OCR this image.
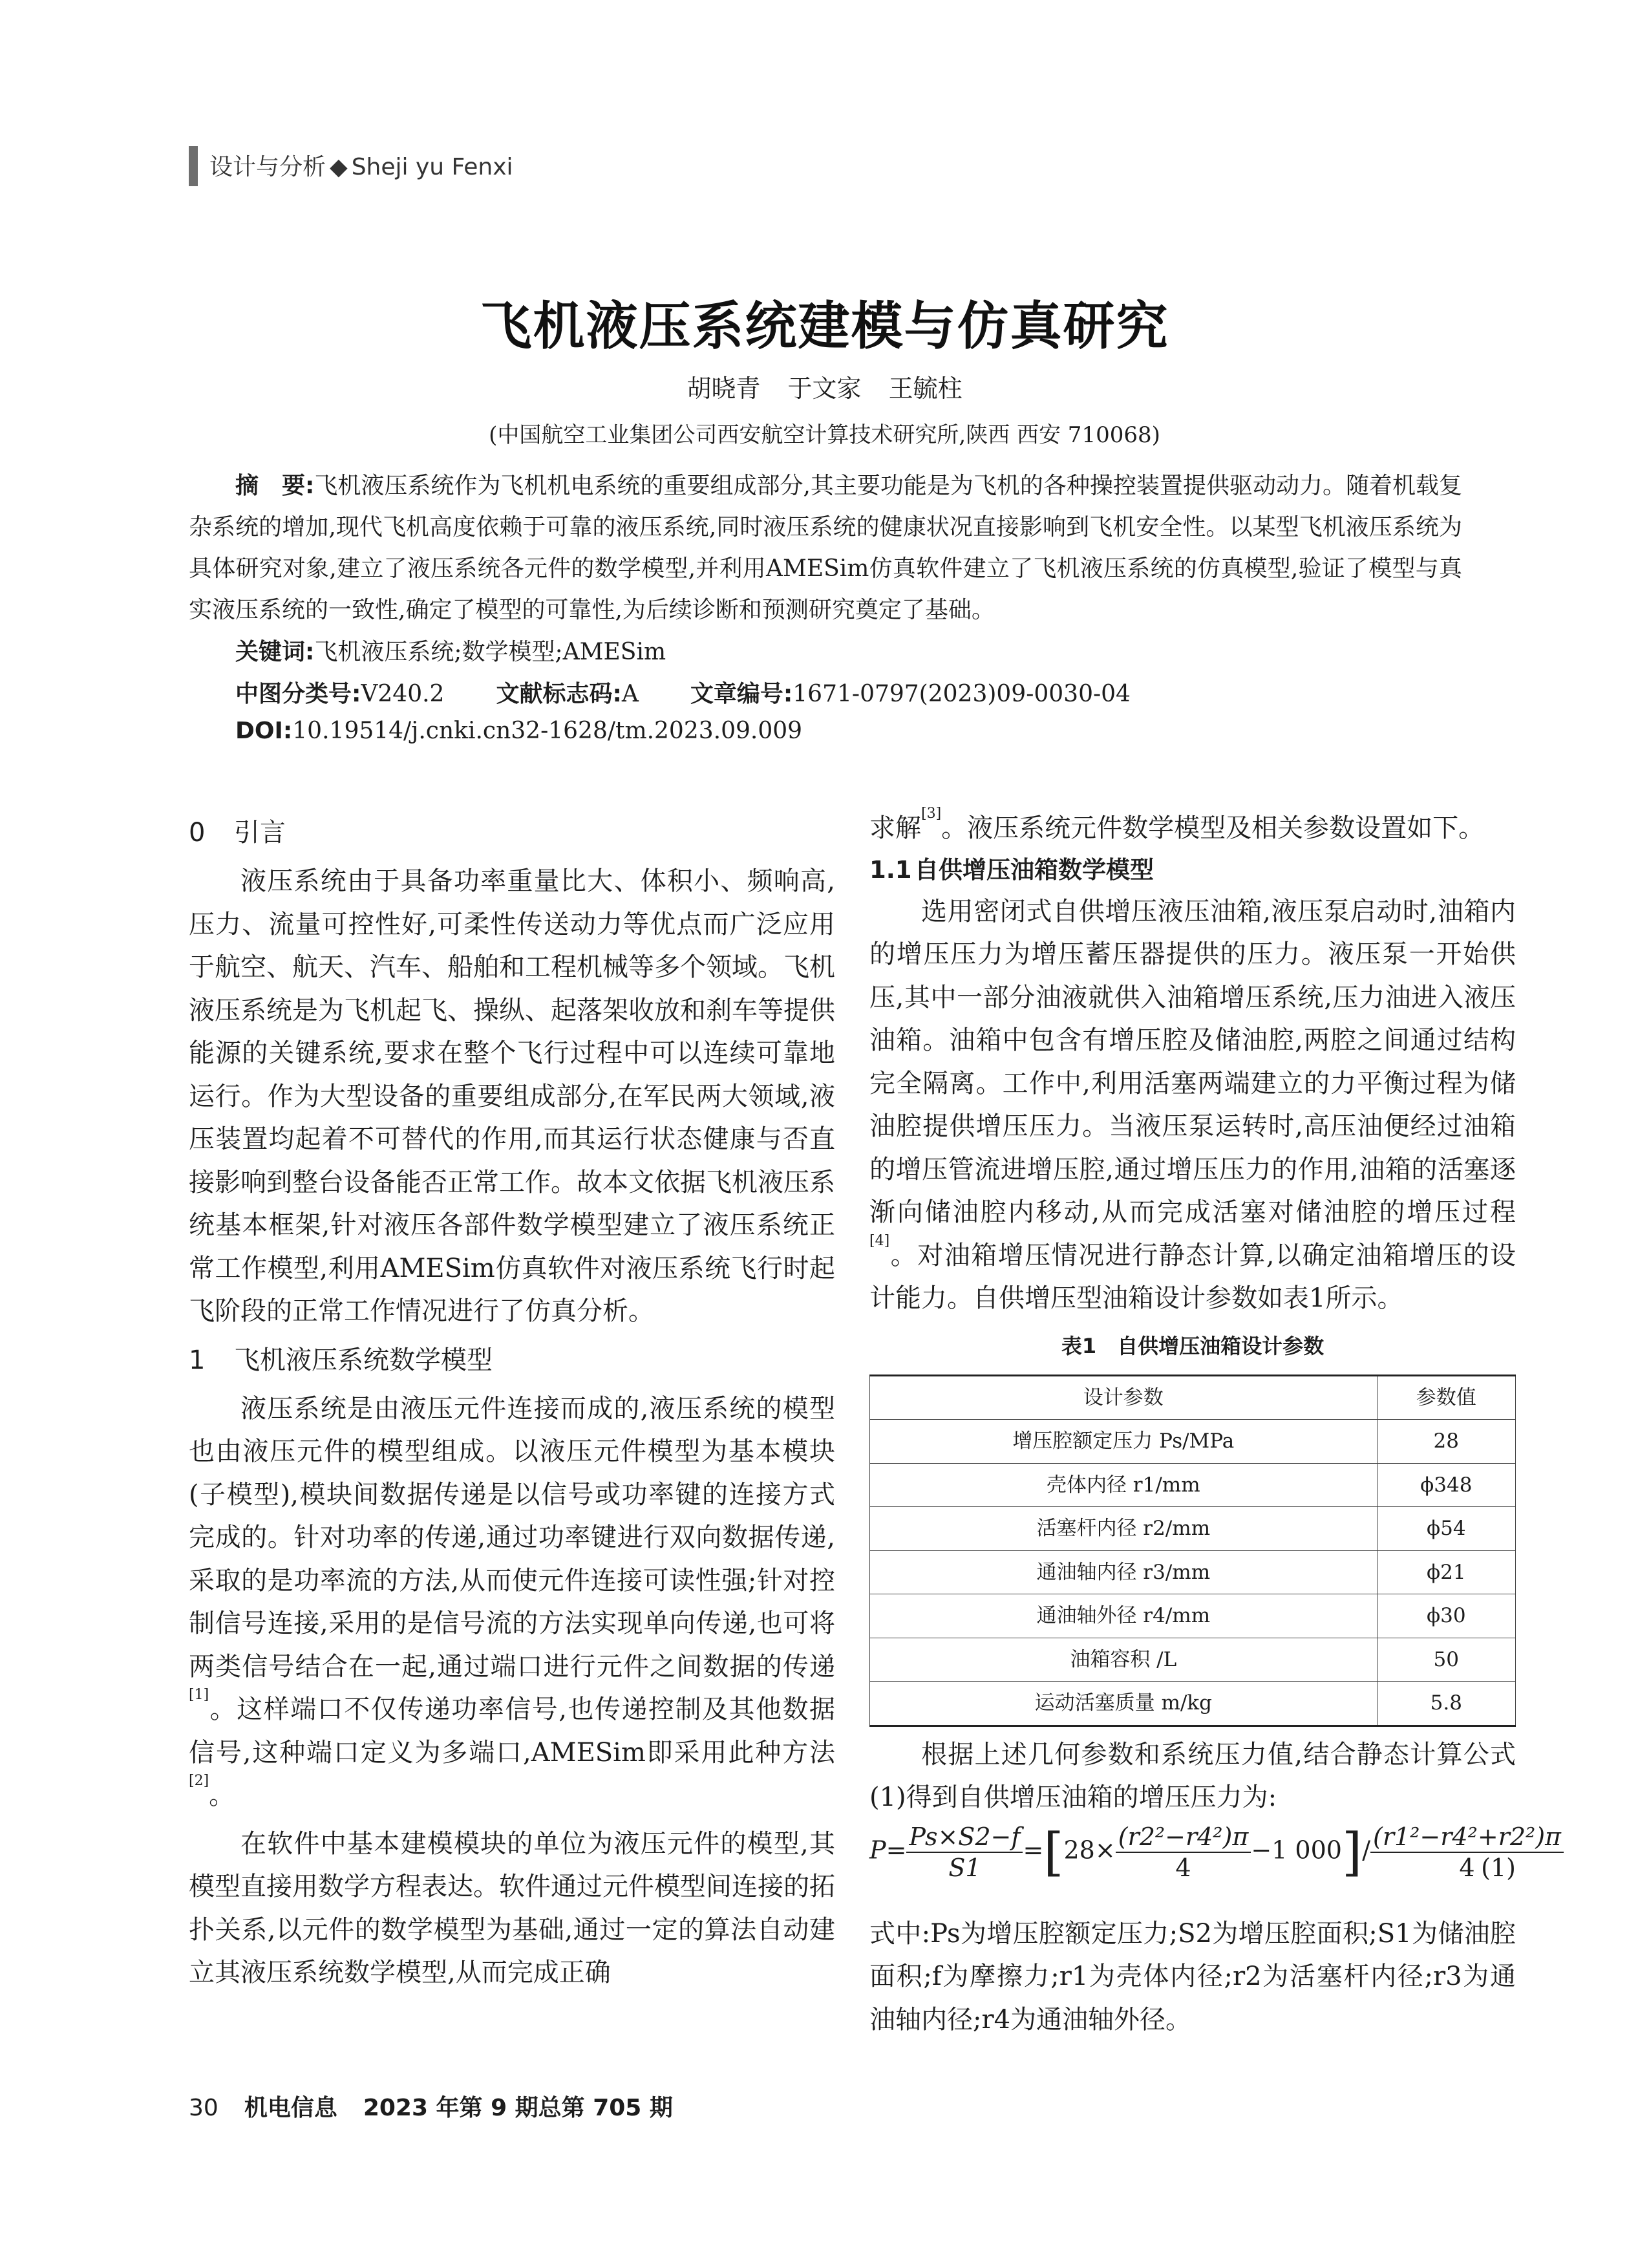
设计与分析 ◆ Sheji yu Fenxi
飞机液压系统建模与仿真研究
胡晓青 于文家 王毓柱
(中国航空工业集团公司西安航空计算技术研究所,陕西 西安 710068)
摘　要:飞机液压系统作为飞机机电系统的重要组成部分,其主要功能是为飞机的各种操控装置提供驱动动力。随着机载复杂系统的增加,现代飞机高度依赖于可靠的液压系统,同时液压系统的健康状况直接影响到飞机安全性。以某型飞机液压系统为具体研究对象,建立了液压系统各元件的数学模型,并利用AMESim仿真软件建立了飞机液压系统的仿真模型,验证了模型与真实液压系统的一致性,确定了模型的可靠性,为后续诊断和预测研究奠定了基础。
关键词:飞机液压系统;数学模型;AMESim
中图分类号:V240.2 文献标志码:A 文章编号:1671-0797(2023)09-0030-04
DOI:10.19514/j.cnki.cn32-1628/tm.2023.09.009
0 引言

液压系统由于具备功率重量比大、体积小、频响高,压力、流量可控性好,可柔性传送动力等优点而广泛应用于航空、航天、汽车、船舶和工程机械等多个领域。飞机液压系统是为飞机起飞、操纵、起落架收放和刹车等提供能源的关键系统,要求在整个飞行过程中可以连续可靠地运行。作为大型设备的重要组成部分,在军民两大领域,液压装置均起着不可替代的作用,而其运行状态健康与否直接影响到整台设备能否正常工作。故本文依据飞机液压系统基本框架,针对液压各部件数学模型建立了液压系统正常工作模型,利用AMESim仿真软件对液压系统飞行时起飞阶段的正常工作情况进行了仿真分析。

1 飞机液压系统数学模型

液压系统是由液压元件连接而成的,液压系统的模型也由液压元件的模型组成。以液压元件模型为基本模块(子模型),模块间数据传递是以信号或功率键的连接方式完成的。针对功率的传递,通过功率键进行双向数据传递,采取的是功率流的方法,从而使元件连接可读性强;针对控制信号连接,采用的是信号流的方法实现单向传递,也可将两类信号结合在一起,通过端口进行元件之间数据的传递[1]。这样端口不仅传递功率信号,也传递控制及其他数据信号,这种端口定义为多端口,AMESim即采用此种方法[2]。

在软件中基本建模模块的单位为液压元件的模型,其模型直接用数学方程表达。软件通过元件模型间连接的拓扑关系,以元件的数学模型为基础,通过一定的算法自动建立其液压系统数学模型,从而完成正确

求解[3]。液压系统元件数学模型及相关参数设置如下。

1.1 自供增压油箱数学模型

选用密闭式自供增压液压油箱,液压泵启动时,油箱内的增压压力为增压蓄压器提供的压力。液压泵一开始供压,其中一部分油液就供入油箱增压系统,压力油进入液压油箱。油箱中包含有增压腔及储油腔,两腔之间通过结构完全隔离。工作中,利用活塞两端建立的力平衡过程为储油腔提供增压压力。当液压泵运转时,高压油便经过油箱的增压管流进增压腔,通过增压压力的作用,油箱的活塞逐渐向储油腔内移动,从而完成活塞对储油腔的增压过程[4]。对油箱增压情况进行静态计算,以确定油箱增压的设计能力。自供增压型油箱设计参数如表1所示。

表1　自供增压油箱设计参数
设计参数	参数值
增压腔额定压力 Ps/MPa	28
壳体内径 r1/mm	ϕ348
活塞杆内径 r2/mm	ϕ54
通油轴内径 r3/mm	ϕ21
通油轴外径 r4/mm	ϕ30
油箱容积 /L	50
运动活塞质量 m/kg	5.8

根据上述几何参数和系统压力值,结合静态计算公式(1)得到自供增压油箱的增压压力为:

$P= \frac{Ps\times S2-f}{S1} =[28\times \frac{\text{(r2²−r4²)π}}{4} -1$ $000]/ \frac{\text{(r1²−r4²+r2²)π}}{4}$
(1)

式中:Ps为增压腔额定压力;S2为增压腔面积;S1为储油腔面积;f为摩擦力;r1为壳体内径;r2为活塞杆内径;r3为通油轴内径;r4为通油轴外径。

30 机电信息 2023 年第 9 期总第 705 期
